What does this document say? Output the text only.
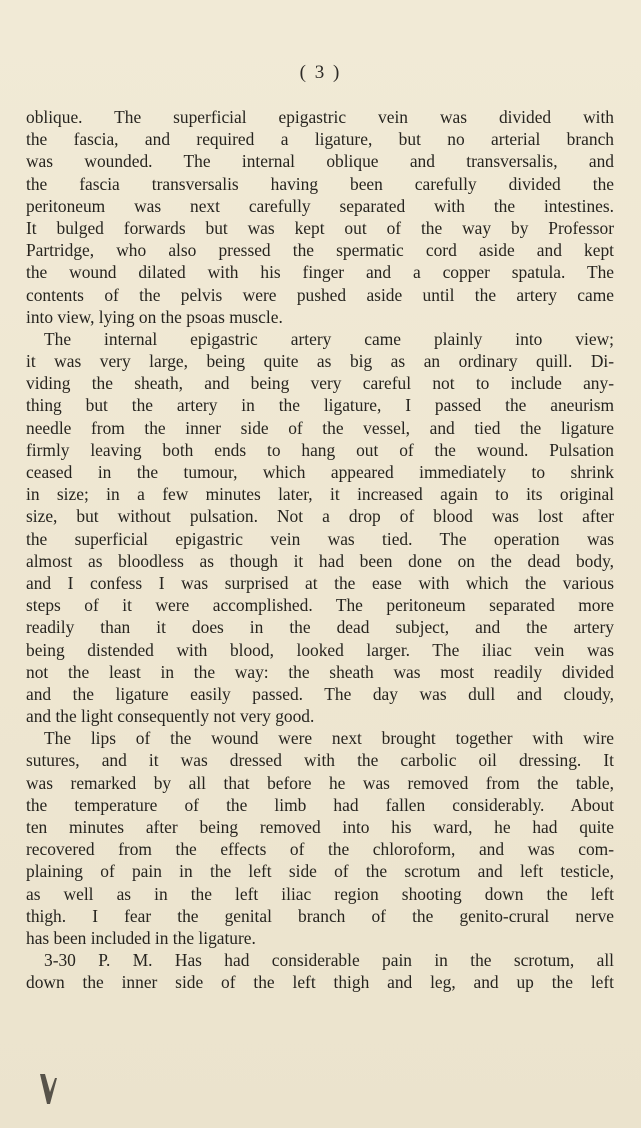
( 3 )
oblique. The superficial epigastric vein was divided with
the fascia, and required a ligature, but no arterial branch
was wounded. The internal oblique and transversalis, and
the fascia transversalis having been carefully divided the
peritoneum was next carefully separated with the intestines.
It bulged forwards but was kept out of the way by Professor
Partridge, who also pressed the spermatic cord aside and kept
the wound dilated with his finger and a copper spatula. The
contents of the pelvis were pushed aside until the artery came
into view, lying on the psoas muscle.
The internal epigastric artery came plainly into view;
it was very large, being quite as big as an ordinary quill. Di-
viding the sheath, and being very careful not to include any-
thing but the artery in the ligature, I passed the aneurism
needle from the inner side of the vessel, and tied the ligature
firmly leaving both ends to hang out of the wound. Pulsation
ceased in the tumour, which appeared immediately to shrink
in size; in a few minutes later, it increased again to its original
size, but without pulsation. Not a drop of blood was lost after
the superficial epigastric vein was tied. The operation was
almost as bloodless as though it had been done on the dead body,
and I confess I was surprised at the ease with which the various
steps of it were accomplished. The peritoneum separated more
readily than it does in the dead subject, and the artery
being distended with blood, looked larger. The iliac vein was
not the least in the way: the sheath was most readily divided
and the ligature easily passed. The day was dull and cloudy,
and the light consequently not very good.
The lips of the wound were next brought together with wire
sutures, and it was dressed with the carbolic oil dressing. It
was remarked by all that before he was removed from the table,
the temperature of the limb had fallen considerably. About
ten minutes after being removed into his ward, he had quite
recovered from the effects of the chloroform, and was com-
plaining of pain in the left side of the scrotum and left testicle,
as well as in the left iliac region shooting down the left
thigh. I fear the genital branch of the genito-crural nerve
has been included in the ligature.
3-30 P. M. Has had considerable pain in the scrotum, all
down the inner side of the left thigh and leg, and up the left
